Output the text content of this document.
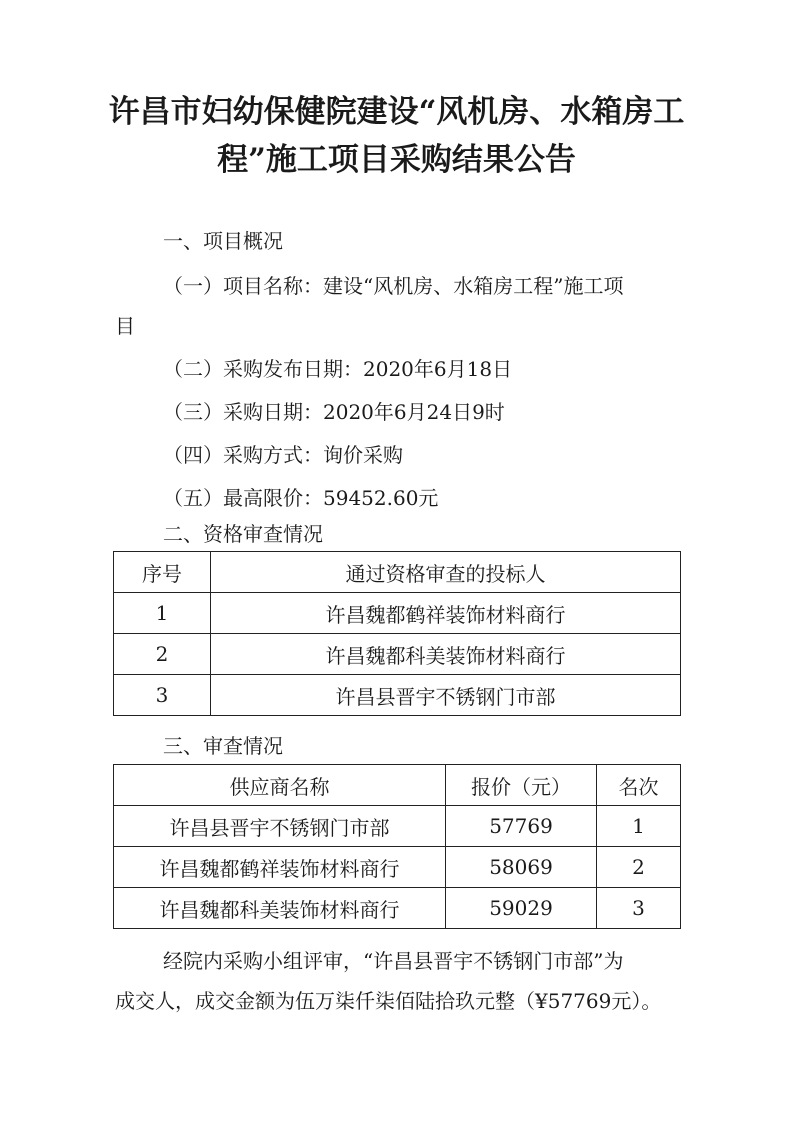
许昌市妇幼保健院建设“风机房、水箱房工
程”施工项目采购结果公告
一、项目概况
（一）项目名称：建设“风机房、水箱房工程”施工项
目
（二）采购发布日期：2020年6月18日
（三）采购日期：2020年6月24日9时
（四）采购方式：询价采购
（五）最高限价：59452.60元
二、资格审查情况
序号	通过资格审查的投标人
1	许昌魏都鹤祥装饰材料商行
2	许昌魏都科美装饰材料商行
3	许昌县晋宇不锈钢门市部
三、审查情况
供应商名称	报价（元）	名次
许昌县晋宇不锈钢门市部	57769	1
许昌魏都鹤祥装饰材料商行	58069	2
许昌魏都科美装饰材料商行	59029	3
经院内采购小组评审，“许昌县晋宇不锈钢门市部”为
成交人，成交金额为伍万柒仟柒佰陆拾玖元整（¥57769元）。
